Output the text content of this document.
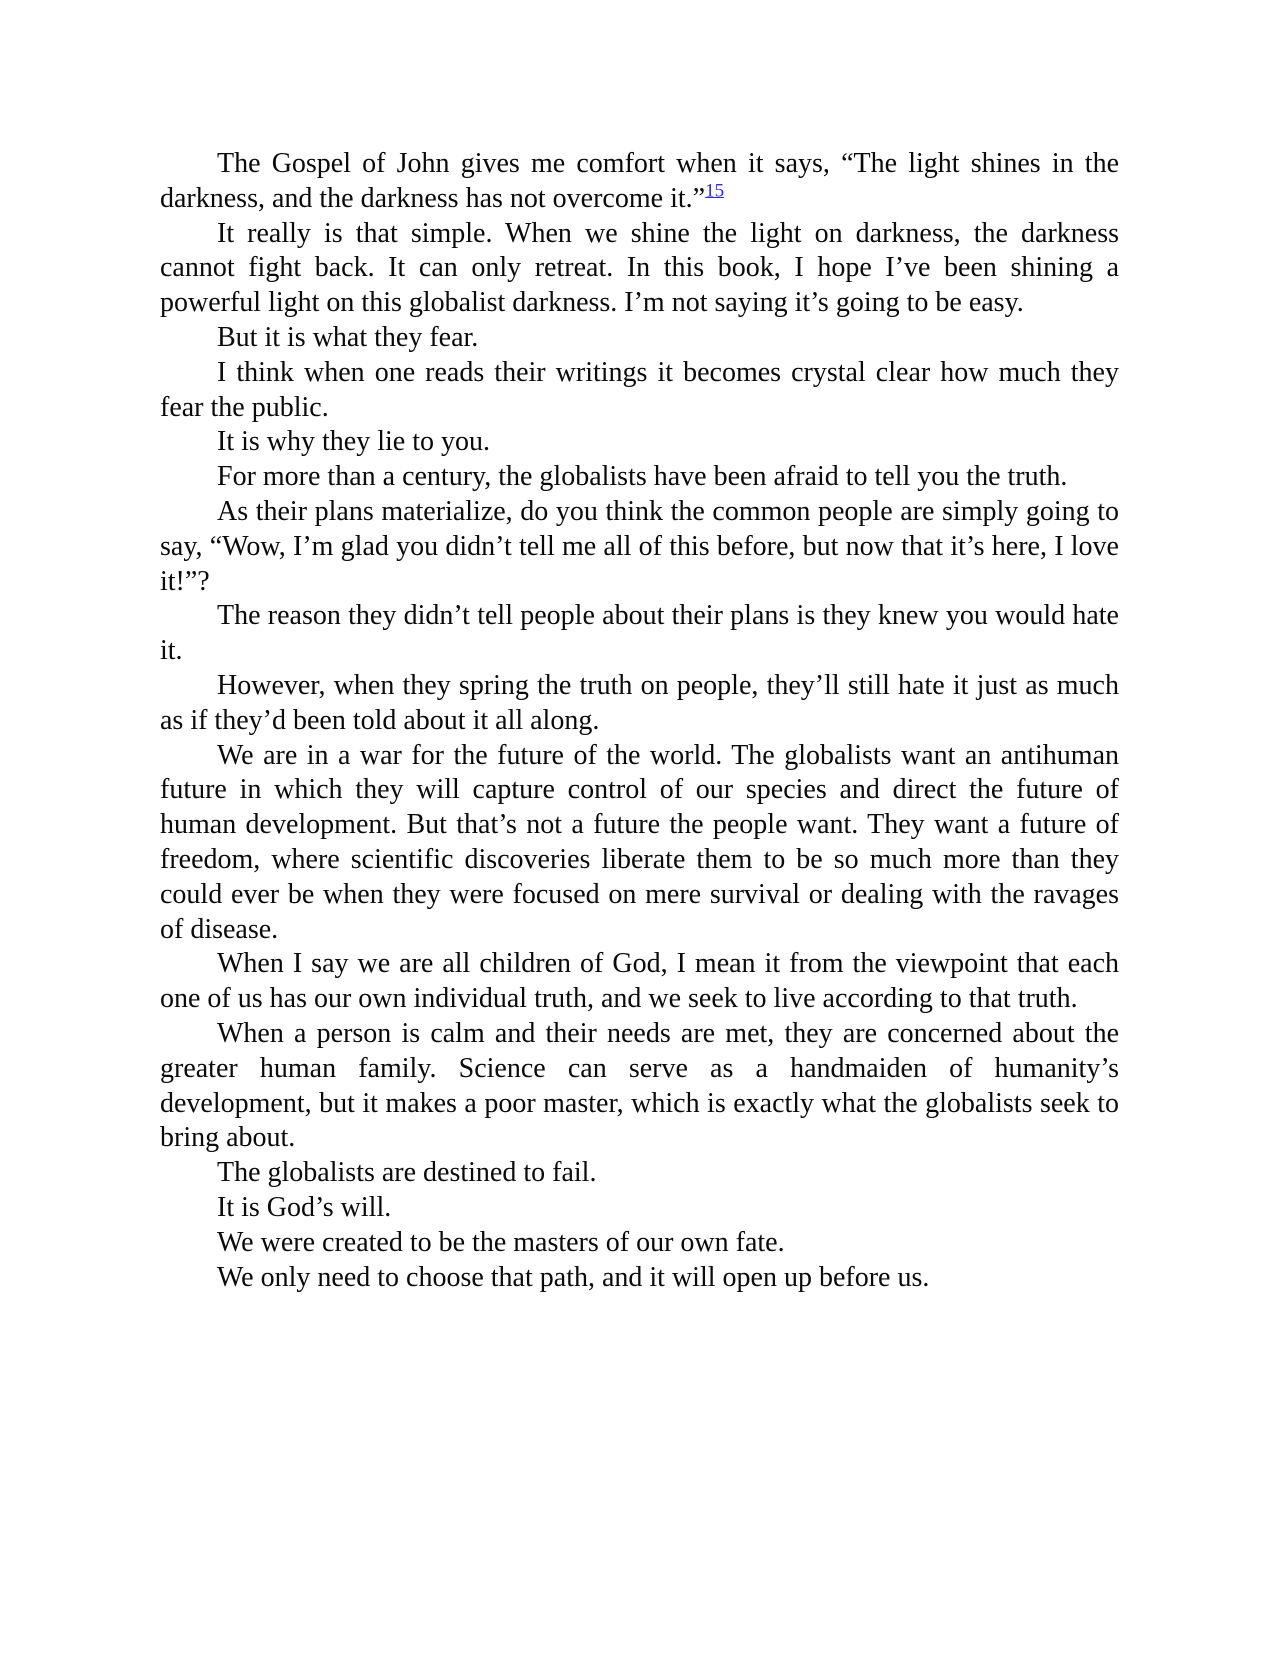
The Gospel of John gives me comfort when it says, “The light shines in the darkness, and the darkness has not overcome it.”$^{15}$

It really is that simple. When we shine the light on darkness, the darkness cannot fight back. It can only retreat. In this book, I hope I’ve been shining a powerful light on this globalist darkness. I’m not saying it’s going to be easy.

But it is what they fear.

I think when one reads their writings it becomes crystal clear how much they fear the public.

It is why they lie to you.

For more than a century, the globalists have been afraid to tell you the truth.

As their plans materialize, do you think the common people are simply going to say, “Wow, I’m glad you didn’t tell me all of this before, but now that it’s here, I love it!”?

The reason they didn’t tell people about their plans is they knew you would hate it.

However, when they spring the truth on people, they’ll still hate it just as much as if they’d been told about it all along.

We are in a war for the future of the world. The globalists want an antihuman future in which they will capture control of our species and direct the future of human development. But that’s not a future the people want. They want a future of freedom, where scientific discoveries liberate them to be so much more than they could ever be when they were focused on mere survival or dealing with the ravages of disease.

When I say we are all children of God, I mean it from the viewpoint that each one of us has our own individual truth, and we seek to live according to that truth.

When a person is calm and their needs are met, they are concerned about the greater human family. Science can serve as a handmaiden of humanity’s development, but it makes a poor master, which is exactly what the globalists seek to bring about.

The globalists are destined to fail.

It is God’s will.

We were created to be the masters of our own fate.

We only need to choose that path, and it will open up before us.
